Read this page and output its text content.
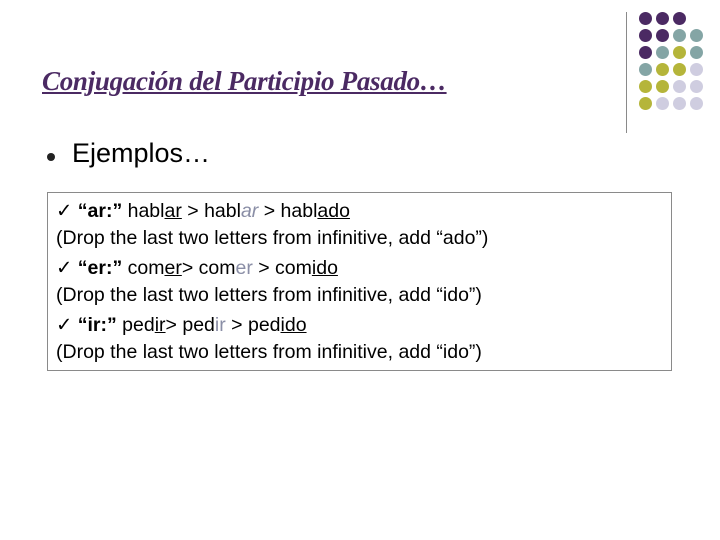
Conjugación del Participio Pasado…

Ejemplos…

✓ “ar:” hablar > hablar > hablado
(Drop the last two letters from infinitive, add “ado”)
✓ “er:” comer> comer > comido
(Drop the last two letters from infinitive, add “ido”)
✓ “ir:” pedir> pedir > pedido
(Drop the last two letters from infinitive, add “ido”)
